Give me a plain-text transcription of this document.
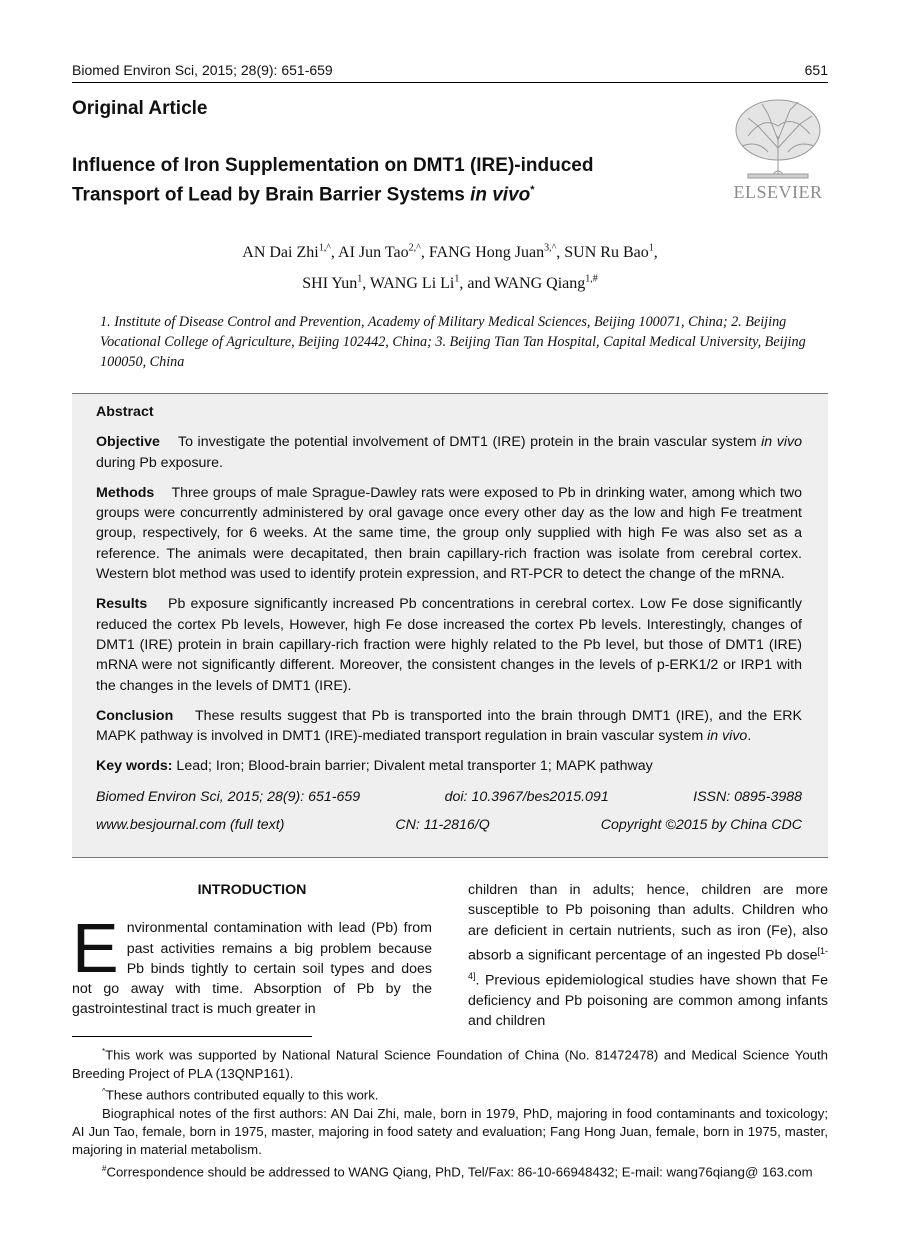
Biomed Environ Sci, 2015; 28(9): 651-659	651
Original Article
Influence of Iron Supplementation on DMT1 (IRE)-induced
Transport of Lead by Brain Barrier Systems in vivo*	ELSEVIER
AN Dai Zhi$^{1,\^{}}$, AI Jun Tao$^{2,\^{}}$, FANG Hong Juan$^{3,\^{}}$, SUN Ru Bao$^1$,
SHI Yun$^1$, WANG Li Li$^1$, and WANG Qiang$^{1,\#}$
1. Institute of Disease Control and Prevention, Academy of Military Medical Sciences, Beijing 100071, China; 2. Beijing Vocational College of Agriculture, Beijing 102442, China; 3. Beijing Tian Tan Hospital, Capital Medical University, Beijing 100050, China
Abstract

Objective To investigate the potential involvement of DMT1 (IRE) protein in the brain vascular system in vivo during Pb exposure.

Methods Three groups of male Sprague-Dawley rats were exposed to Pb in drinking water, among which two groups were concurrently administered by oral gavage once every other day as the low and high Fe treatment group, respectively, for 6 weeks. At the same time, the group only supplied with high Fe was also set as a reference. The animals were decapitated, then brain capillary-rich fraction was isolate from cerebral cortex. Western blot method was used to identify protein expression, and RT-PCR to detect the change of the mRNA.

Results Pb exposure significantly increased Pb concentrations in cerebral cortex. Low Fe dose significantly reduced the cortex Pb levels, However, high Fe dose increased the cortex Pb levels. Interestingly, changes of DMT1 (IRE) protein in brain capillary-rich fraction were highly related to the Pb level, but those of DMT1 (IRE) mRNA were not significantly different. Moreover, the consistent changes in the levels of p-ERK1/2 or IRP1 with the changes in the levels of DMT1 (IRE).

Conclusion These results suggest that Pb is transported into the brain through DMT1 (IRE), and the ERK MAPK pathway is involved in DMT1 (IRE)-mediated transport regulation in brain vascular system in vivo.

Key words: Lead; Iron; Blood-brain barrier; Divalent metal transporter 1; MAPK pathway

Biomed Environ Sci, 2015; 28(9): 651-659	doi: 10.3967/bes2015.091	ISSN: 0895-3988
www.besjournal.com (full text)	CN: 11-2816/Q	Copyright ©2015 by China CDC
INTRODUCTION
Environmental contamination with lead (Pb) from past activities remains a big problem because Pb binds tightly to certain soil types and does not go away with time. Absorption of Pb by the gastrointestinal tract is much greater in
children than in adults; hence, children are more susceptible to Pb poisoning than adults. Children who are deficient in certain nutrients, such as iron (Fe), also absorb a significant percentage of an ingested Pb dose[1-4]. Previous epidemiological studies have shown that Fe deficiency and Pb poisoning are common among infants and children

*This work was supported by National Natural Science Foundation of China (No. 81472478) and Medical Science Youth Breeding Project of PLA (13QNP161).

^These authors contributed equally to this work.

Biographical notes of the first authors: AN Dai Zhi, male, born in 1979, PhD, majoring in food contaminants and toxicology; AI Jun Tao, female, born in 1975, master, majoring in food satety and evaluation; Fang Hong Juan, female, born in 1975, master, majoring in material metabolism.

#Correspondence should be addressed to WANG Qiang, PhD, Tel/Fax: 86-10-66948432; E-mail: wang76qiang@ 163.com
